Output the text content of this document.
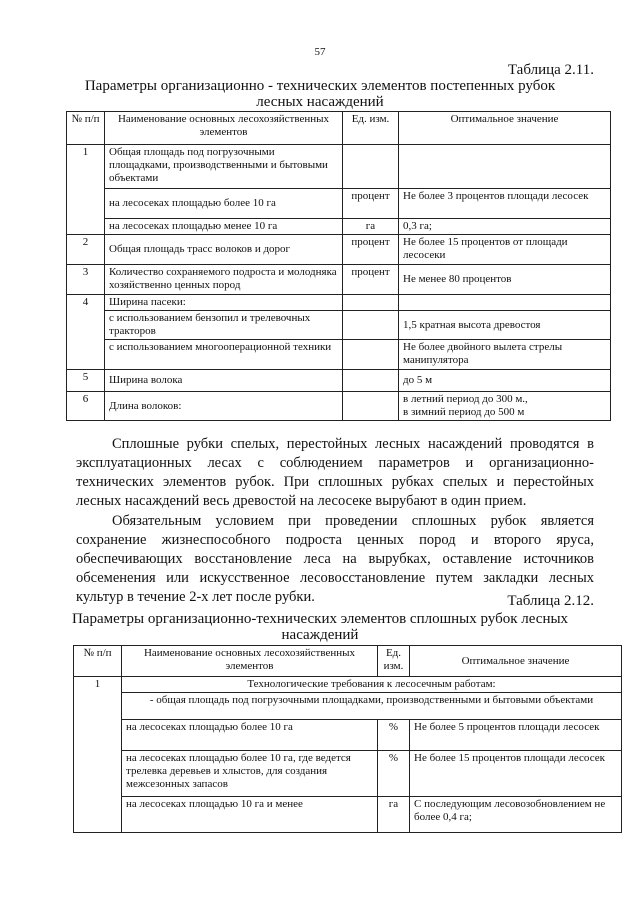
57
Таблица 2.11.
Параметры организационно - технических элементов постепенных рубок
лесных насаждений
№ п/п	Наименование основных лесохозяйственных элементов	Ед. изм.	Оптимальное значение
1	Общая площадь под погрузочными площадками, производственными и бытовыми объектами		
	на лесосеках площадью более 10 га	процент	Не более 3 процентов площади лесосек
	на лесосеках площадью менее 10 га	га	0,3 га;
2	Общая площадь трасс волоков и дорог	процент	Не более 15 процентов от площади лесосеки
3	Количество сохраняемого подроста и молодняка хозяйственно ценных пород	процент	Не менее 80 процентов
4	Ширина пасеки:		
	с использованием бензопил и трелевочных тракторов		1,5 кратная высота древостоя
	с использованием многооперационной техники		Не более двойного вылета стрелы манипулятора
5	Ширина волока		до 5 м
6	Длина волоков:		в летний период до 300 м.,
в зимний период до 500 м

Сплошные рубки спелых, перестойных лесных насаждений проводятся в эксплуатационных лесах с соблюдением параметров и организационно-технических элементов рубок. При сплошных рубках спелых и перестойных лесных насаждений весь древостой на лесосеке вырубают в один прием.

Обязательным условием при проведении сплошных рубок является сохранение жизнеспособного подроста ценных пород и второго яруса, обеспечивающих восстановление леса на вырубках, оставление источников обсеменения или искусственное лесовосстановление путем закладки лесных культур в течение 2-х лет после рубки.	Таблица 2.12.
Параметры организационно-технических элементов сплошных рубок лесных
насаждений
№ п/п	Наименование основных лесохозяйственных элементов	Ед. изм.	Оптимальное значение
1	Технологические требования к лесосечным работам:		
	- общая площадь под погрузочными площадками, производственными и бытовыми объектами		
	на лесосеках площадью более 10 га	%	Не более 5 процентов площади лесосек
	на лесосеках площадью более 10 га, где ведется трелевка деревьев и хлыстов, для создания межсезонных запасов	%	Не более 15 процентов площади лесосек
	на лесосеках площадью 10 га и менее	га	С последующим лесовозобновлением не более 0,4 га;
